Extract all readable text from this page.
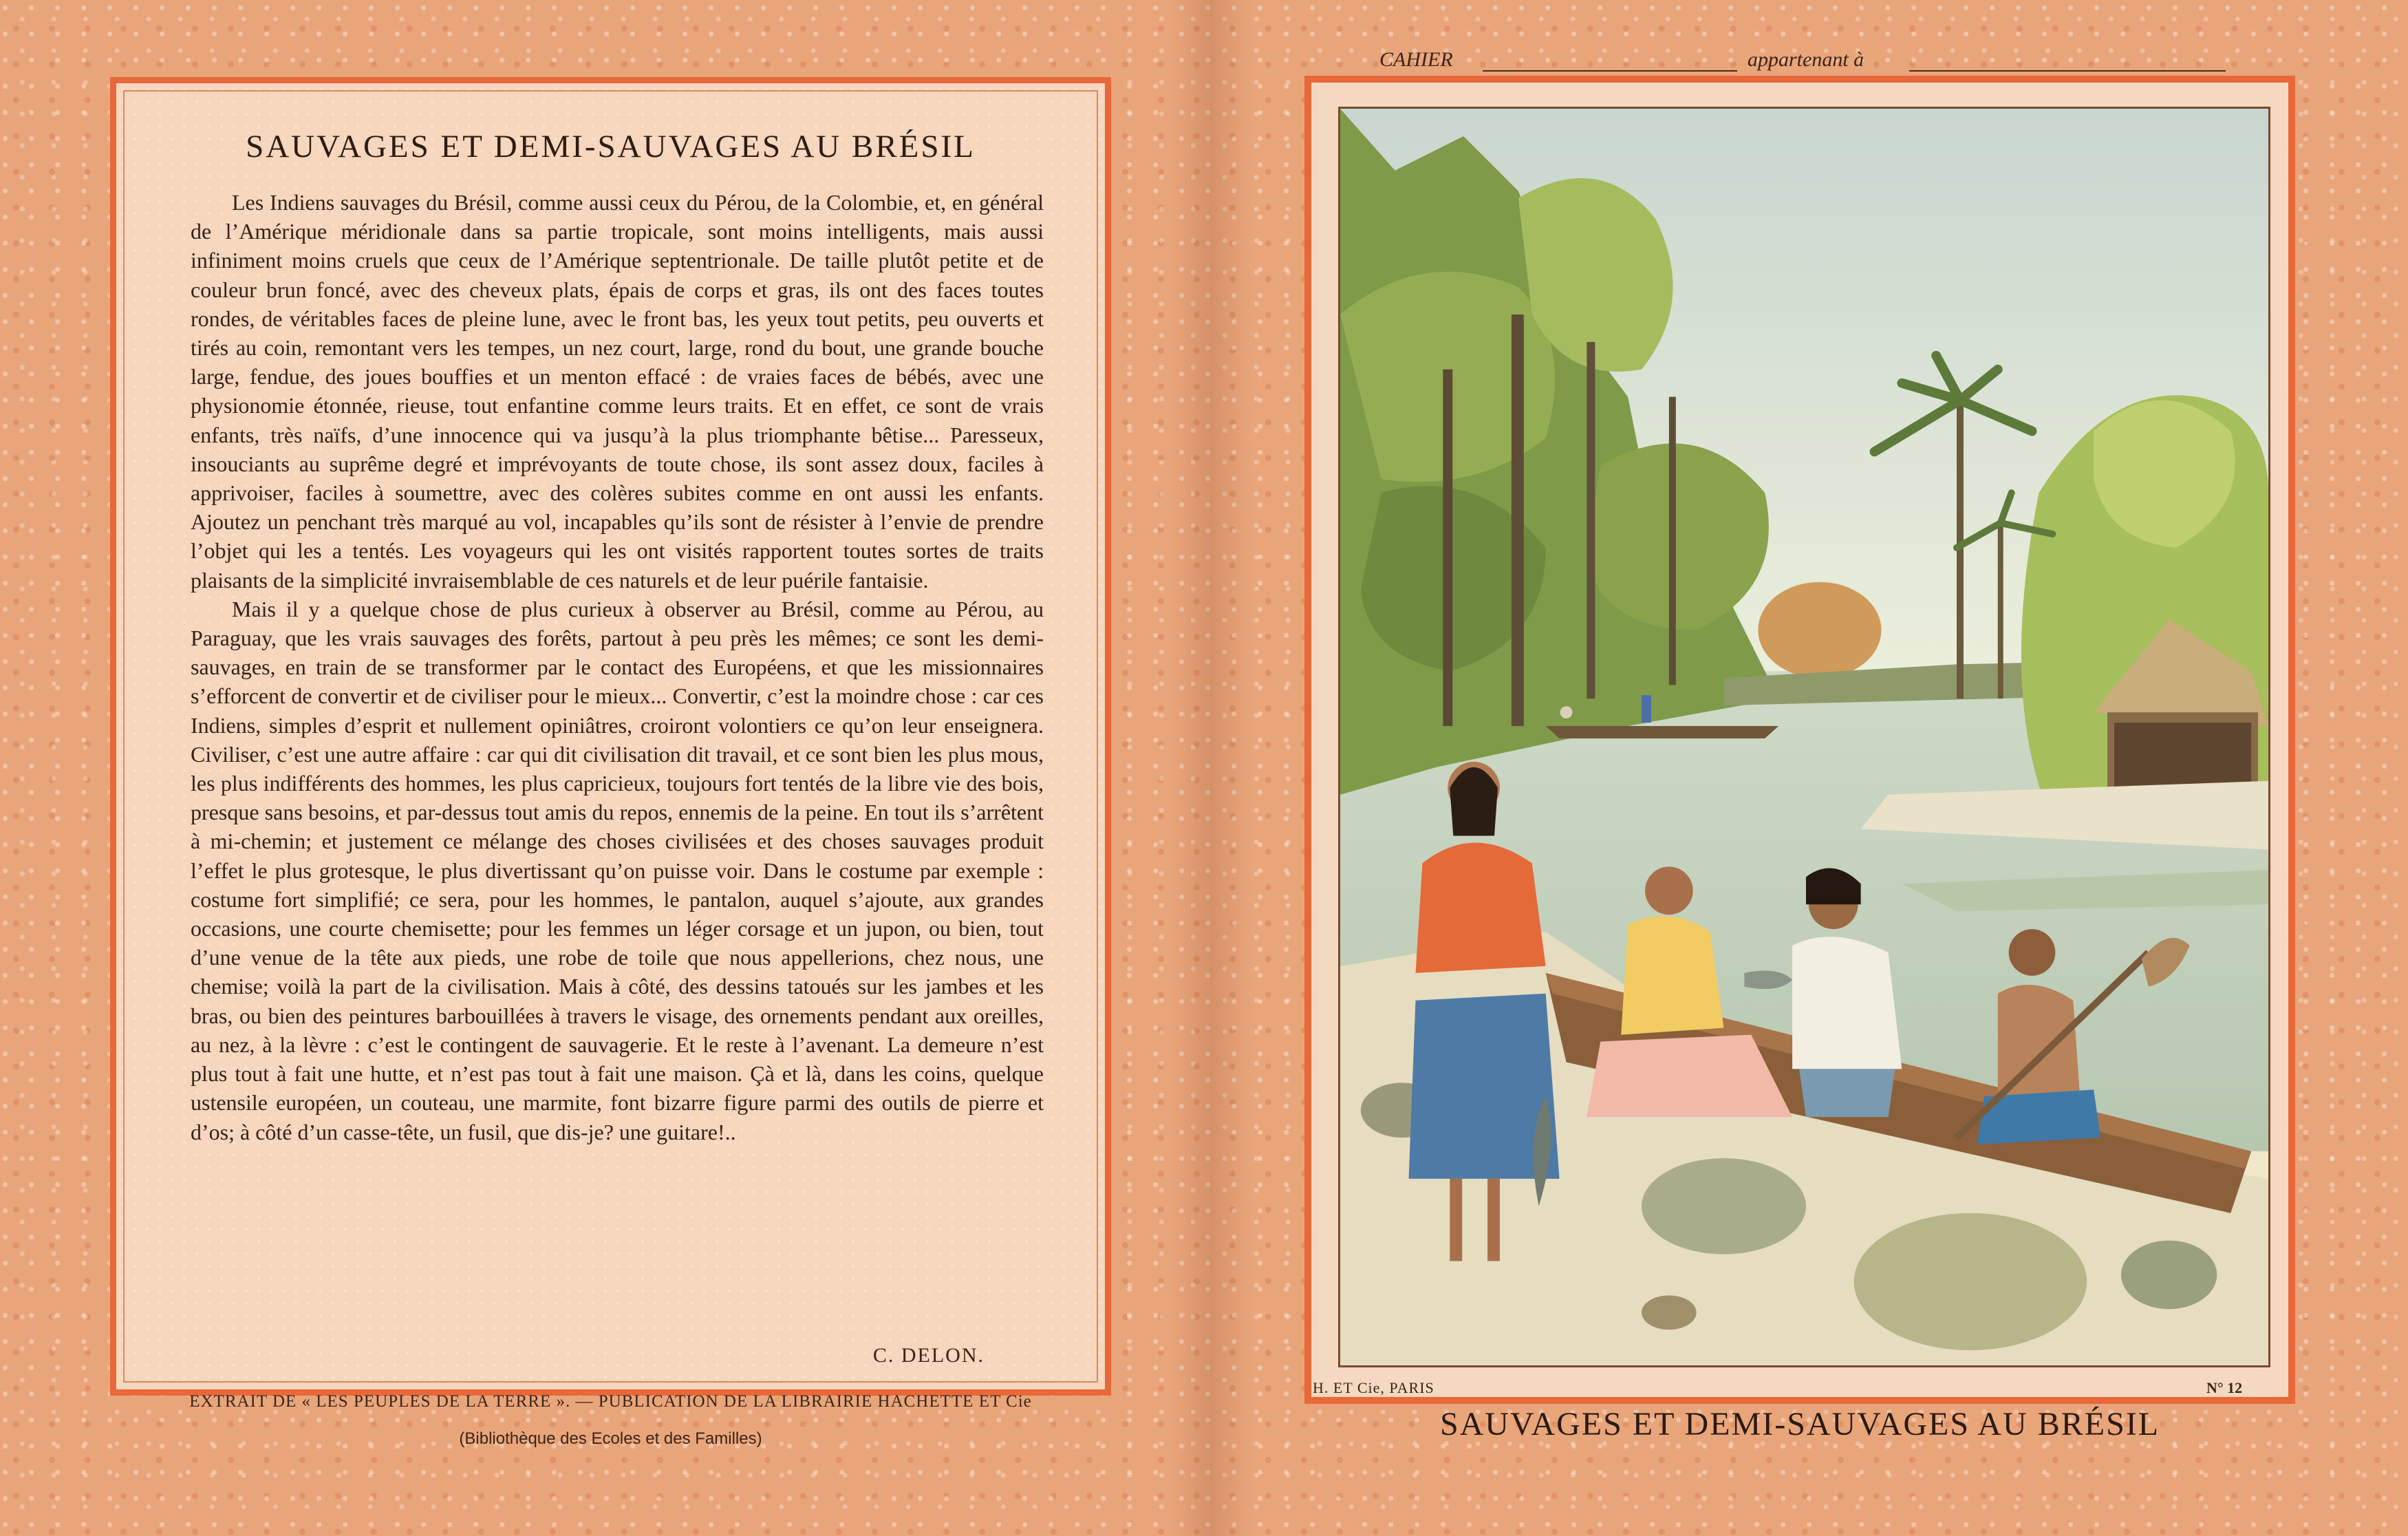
SAUVAGES ET DEMI-SAUVAGES AU BRÉSIL

Les Indiens sauvages du Brésil, comme aussi ceux du Pérou, de la Colombie, et, en général de l’Amérique méridionale dans sa partie tropicale, sont moins intelligents, mais aussi infiniment moins cruels que ceux de l’Amérique septentrionale. De taille plutôt petite et de couleur brun foncé, avec des cheveux plats, épais de corps et gras, ils ont des faces toutes rondes, de véritables faces de pleine lune, avec le front bas, les yeux tout petits, peu ouverts et tirés au coin, remontant vers les tempes, un nez court, large, rond du bout, une grande bouche large, fendue, des joues bouffies et un menton effacé : de vraies faces de bébés, avec une physionomie étonnée, rieuse, tout enfantine comme leurs traits. Et en effet, ce sont de vrais enfants, très naïfs, d’une innocence qui va jusqu’à la plus triomphante bêtise... Paresseux, insouciants au suprême degré et imprévoyants de toute chose, ils sont assez doux, faciles à apprivoiser, faciles à soumettre, avec des colères subites comme en ont aussi les enfants. Ajoutez un penchant très marqué au vol, incapables qu’ils sont de résister à l’envie de prendre l’objet qui les a tentés. Les voyageurs qui les ont visités rapportent toutes sortes de traits plaisants de la simplicité invraisemblable de ces naturels et de leur puérile fantaisie.

Mais il y a quelque chose de plus curieux à observer au Brésil, comme au Pérou, au Paraguay, que les vrais sauvages des forêts, partout à peu près les mêmes; ce sont les demi-sauvages, en train de se transformer par le contact des Européens, et que les missionnaires s’efforcent de convertir et de civiliser pour le mieux... Convertir, c’est la moindre chose : car ces Indiens, simples d’esprit et nullement opiniâtres, croiront volontiers ce qu’on leur enseignera. Civiliser, c’est une autre affaire : car qui dit civilisation dit travail, et ce sont bien les plus mous, les plus indifférents des hommes, les plus capricieux, toujours fort tentés de la libre vie des bois, presque sans besoins, et par-dessus tout amis du repos, ennemis de la peine. En tout ils s’arrêtent à mi-chemin; et justement ce mélange des choses civilisées et des choses sauvages produit l’effet le plus grotesque, le plus divertissant qu’on puisse voir. Dans le costume par exemple : costume fort simplifié; ce sera, pour les hommes, le pantalon, auquel s’ajoute, aux grandes occasions, une courte chemisette; pour les femmes un léger corsage et un jupon, ou bien, tout d’une venue de la tête aux pieds, une robe de toile que nous appellerions, chez nous, une chemise; voilà la part de la civilisation. Mais à côté, des dessins tatoués sur les jambes et les bras, ou bien des peintures barbouillées à travers le visage, des ornements pendant aux oreilles, au nez, à la lèvre : c’est le contingent de sauvagerie. Et le reste à l’avenant. La demeure n’est plus tout à fait une hutte, et n’est pas tout à fait une maison. Çà et là, dans les coins, quelque ustensile européen, un couteau, une marmite, font bizarre figure parmi des outils de pierre et d’os; à côté d’un casse-tête, un fusil, que dis-je? une guitare!..

C. DELON.
EXTRAIT DE « LES PEUPLES DE LA TERRE ». — PUBLICATION DE LA LIBRAIRIE HACHETTE ET Cie
(Bibliothèque des Ecoles et des Familles)
CAHIER	appartenant à
H. ET Cie, PARIS	N° 12
SAUVAGES ET DEMI-SAUVAGES AU BRÉSIL
